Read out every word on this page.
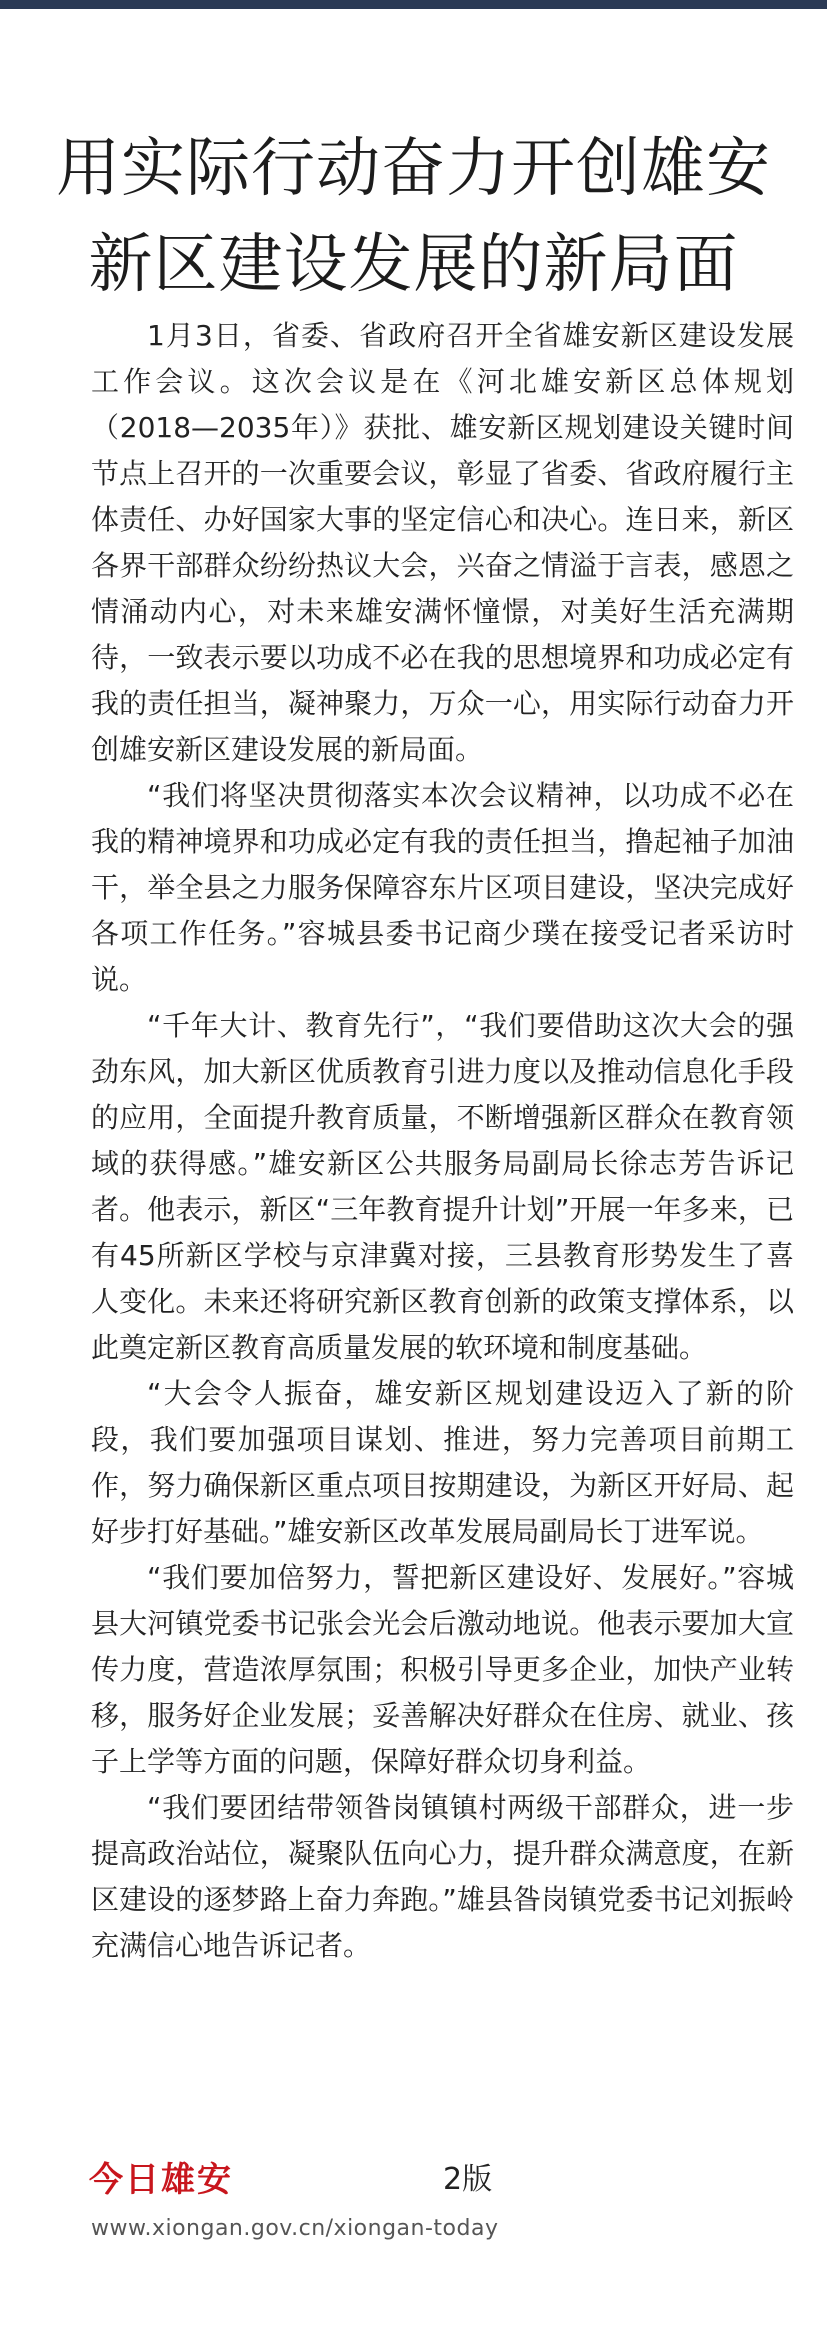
用实际行动奋力开创雄安
新区建设发展的新局面

1月3日，省委、省政府召开全省雄安新区建设发展工作会议。这次会议是在《河北雄安新区总体规划（2018—2035年）》获批、雄安新区规划建设关键时间节点上召开的一次重要会议，彰显了省委、省政府履行主体责任、办好国家大事的坚定信心和决心。连日来，新区各界干部群众纷纷热议大会，兴奋之情溢于言表，感恩之情涌动内心，对未来雄安满怀憧憬，对美好生活充满期待，一致表示要以功成不必在我的思想境界和功成必定有我的责任担当，凝神聚力，万众一心，用实际行动奋力开创雄安新区建设发展的新局面。

“我们将坚决贯彻落实本次会议精神，以功成不必在我的精神境界和功成必定有我的责任担当，撸起袖子加油干，举全县之力服务保障容东片区项目建设，坚决完成好各项工作任务。”容城县委书记商少璞在接受记者采访时说。

“千年大计、教育先行”，“我们要借助这次大会的强劲东风，加大新区优质教育引进力度以及推动信息化手段的应用，全面提升教育质量，不断增强新区群众在教育领域的获得感。”雄安新区公共服务局副局长徐志芳告诉记者。他表示，新区“三年教育提升计划”开展一年多来，已有45所新区学校与京津冀对接，三县教育形势发生了喜人变化。未来还将研究新区教育创新的政策支撑体系，以此奠定新区教育高质量发展的软环境和制度基础。

“大会令人振奋，雄安新区规划建设迈入了新的阶段，我们要加强项目谋划、推进，努力完善项目前期工作，努力确保新区重点项目按期建设，为新区开好局、起好步打好基础。”雄安新区改革发展局副局长丁进军说。

“我们要加倍努力，誓把新区建设好、发展好。”容城县大河镇党委书记张会光会后激动地说。他表示要加大宣传力度，营造浓厚氛围；积极引导更多企业，加快产业转移，服务好企业发展；妥善解决好群众在住房、就业、孩子上学等方面的问题，保障好群众切身利益。

“我们要团结带领昝岗镇镇村两级干部群众，进一步提高政治站位，凝聚队伍向心力，提升群众满意度，在新区建设的逐梦路上奋力奔跑。”雄县昝岗镇党委书记刘振岭充满信心地告诉记者。

今日雄安	2版
www.xiongan.gov.cn/xiongan-today
